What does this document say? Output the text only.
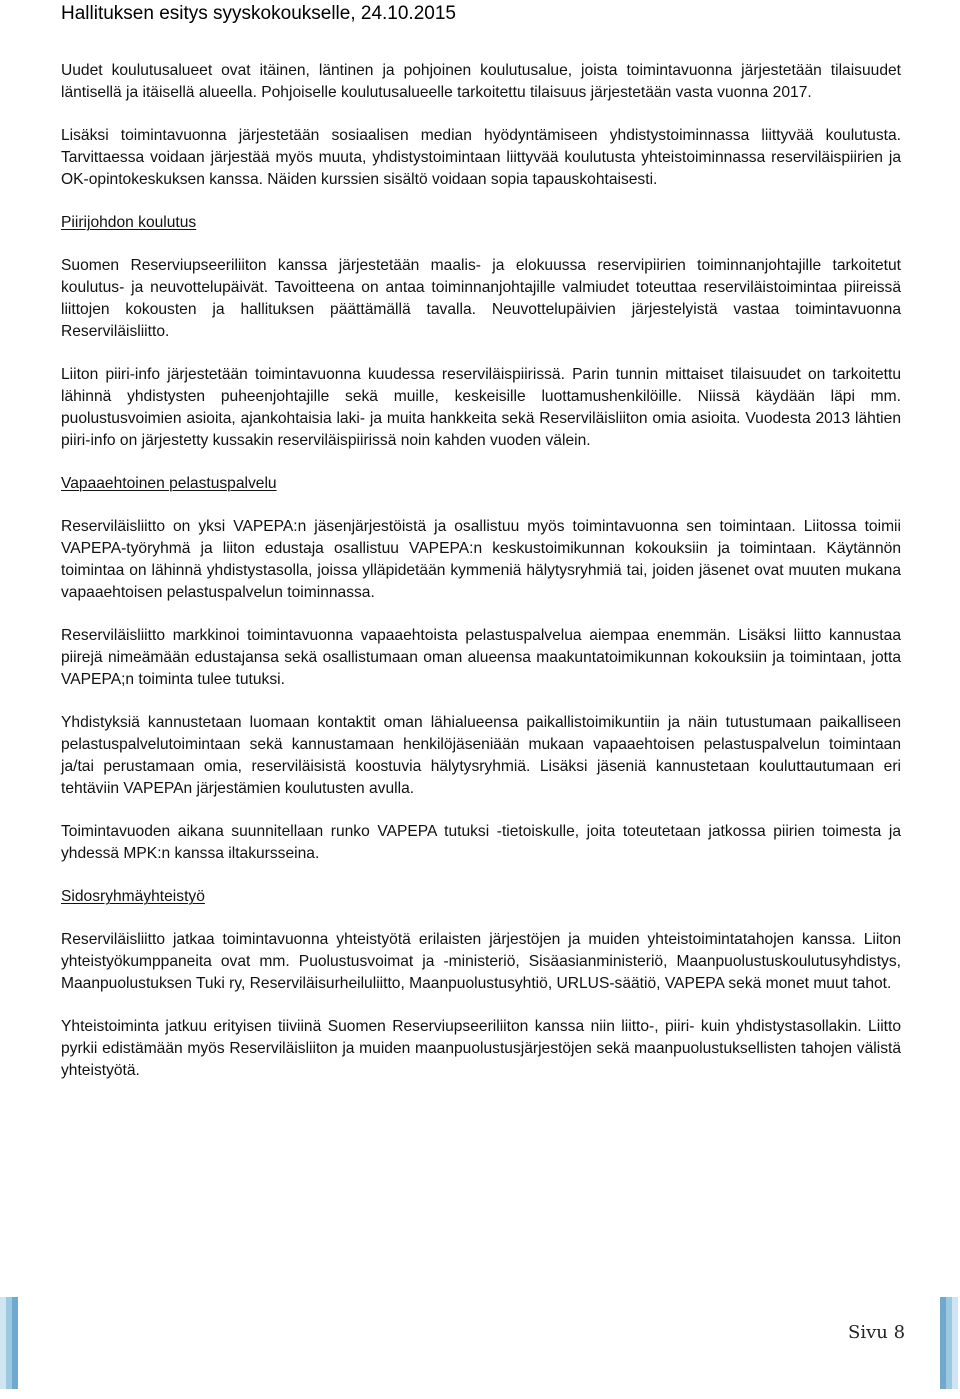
Hallituksen esitys syyskokoukselle, 24.10.2015

Uudet koulutusalueet ovat itäinen, läntinen ja pohjoinen koulutusalue, joista toimintavuonna järjestetään tilaisuudet läntisellä ja itäisellä alueella. Pohjoiselle koulutusalueelle tarkoitettu tilaisuus järjestetään vasta vuonna 2017.

Lisäksi toimintavuonna järjestetään sosiaalisen median hyödyntämiseen yhdistystoiminnassa liittyvää koulutusta. Tarvittaessa voidaan järjestää myös muuta, yhdistystoimintaan liittyvää koulutusta yhteistoiminnassa reserviläispiirien ja OK-opintokeskuksen kanssa. Näiden kurssien sisältö voidaan sopia tapauskohtaisesti.

Piirijohdon koulutus

Suomen Reserviupseeriliiton kanssa järjestetään maalis- ja elokuussa reservipiirien toiminnanjohtajille tarkoitetut koulutus- ja neuvottelupäivät. Tavoitteena on antaa toiminnanjohtajille valmiudet toteuttaa reserviläistoimintaa piireissä liittojen kokousten ja hallituksen päättämällä tavalla. Neuvottelupäivien järjestelyistä vastaa toimintavuonna Reserviläisliitto.

Liiton piiri-info järjestetään toimintavuonna kuudessa reserviläispiirissä. Parin tunnin mittaiset tilaisuudet on tarkoitettu lähinnä yhdistysten puheenjohtajille sekä muille, keskeisille luottamushenkilöille. Niissä käydään läpi mm. puolustusvoimien asioita, ajankohtaisia laki- ja muita hankkeita sekä Reserviläisliiton omia asioita. Vuodesta 2013 lähtien piiri-info on järjestetty kussakin reserviläispiirissä noin kahden vuoden välein.

Vapaaehtoinen pelastuspalvelu

Reserviläisliitto on yksi VAPEPA:n jäsenjärjestöistä ja osallistuu myös toimintavuonna sen toimintaan. Liitossa toimii VAPEPA-työryhmä ja liiton edustaja osallistuu VAPEPA:n keskustoimikunnan kokouksiin ja toimintaan. Käytännön toimintaa on lähinnä yhdistystasolla, joissa ylläpidetään kymmeniä hälytysryhmiä tai, joiden jäsenet ovat muuten mukana vapaaehtoisen pelastuspalvelun toiminnassa.

Reserviläisliitto markkinoi toimintavuonna vapaaehtoista pelastuspalvelua aiempaa enemmän. Lisäksi liitto kannustaa piirejä nimeämään edustajansa sekä osallistumaan oman alueensa maakuntatoimikunnan kokouksiin ja toimintaan, jotta VAPEPA;n toiminta tulee tutuksi.

Yhdistyksiä kannustetaan luomaan kontaktit oman lähialueensa paikallistoimikuntiin ja näin tutustumaan paikalliseen pelastuspalvelutoimintaan sekä kannustamaan henkilöjäseniään mukaan vapaaehtoisen pelastuspalvelun toimintaan ja/tai perustamaan omia, reserviläisistä koostuvia hälytysryhmiä. Lisäksi jäseniä kannustetaan kouluttautumaan eri tehtäviin VAPEPAn järjestämien koulutusten avulla.

Toimintavuoden aikana suunnitellaan runko VAPEPA tutuksi -tietoiskulle, joita toteutetaan jatkossa piirien toimesta ja yhdessä MPK:n kanssa iltakursseina.

Sidosryhmäyhteistyö

Reserviläisliitto jatkaa toimintavuonna yhteistyötä erilaisten järjestöjen ja muiden yhteistoimintatahojen kanssa. Liiton yhteistyökumppaneita ovat mm. Puolustusvoimat ja -ministeriö, Sisäasianministeriö, Maanpuolustuskoulutusyhdistys, Maanpuolustuksen Tuki ry, Reserviläisurheiluliitto, Maanpuolustusyhtiö, URLUS-säätiö, VAPEPA sekä monet muut tahot.

Yhteistoiminta jatkuu erityisen tiiviinä Suomen Reserviupseeriliiton kanssa niin liitto-, piiri- kuin yhdistystasollakin. Liitto pyrkii edistämään myös Reserviläisliiton ja muiden maanpuolustusjärjestöjen sekä maanpuolustuksellisten tahojen välistä yhteistyötä.

Sivu 8
